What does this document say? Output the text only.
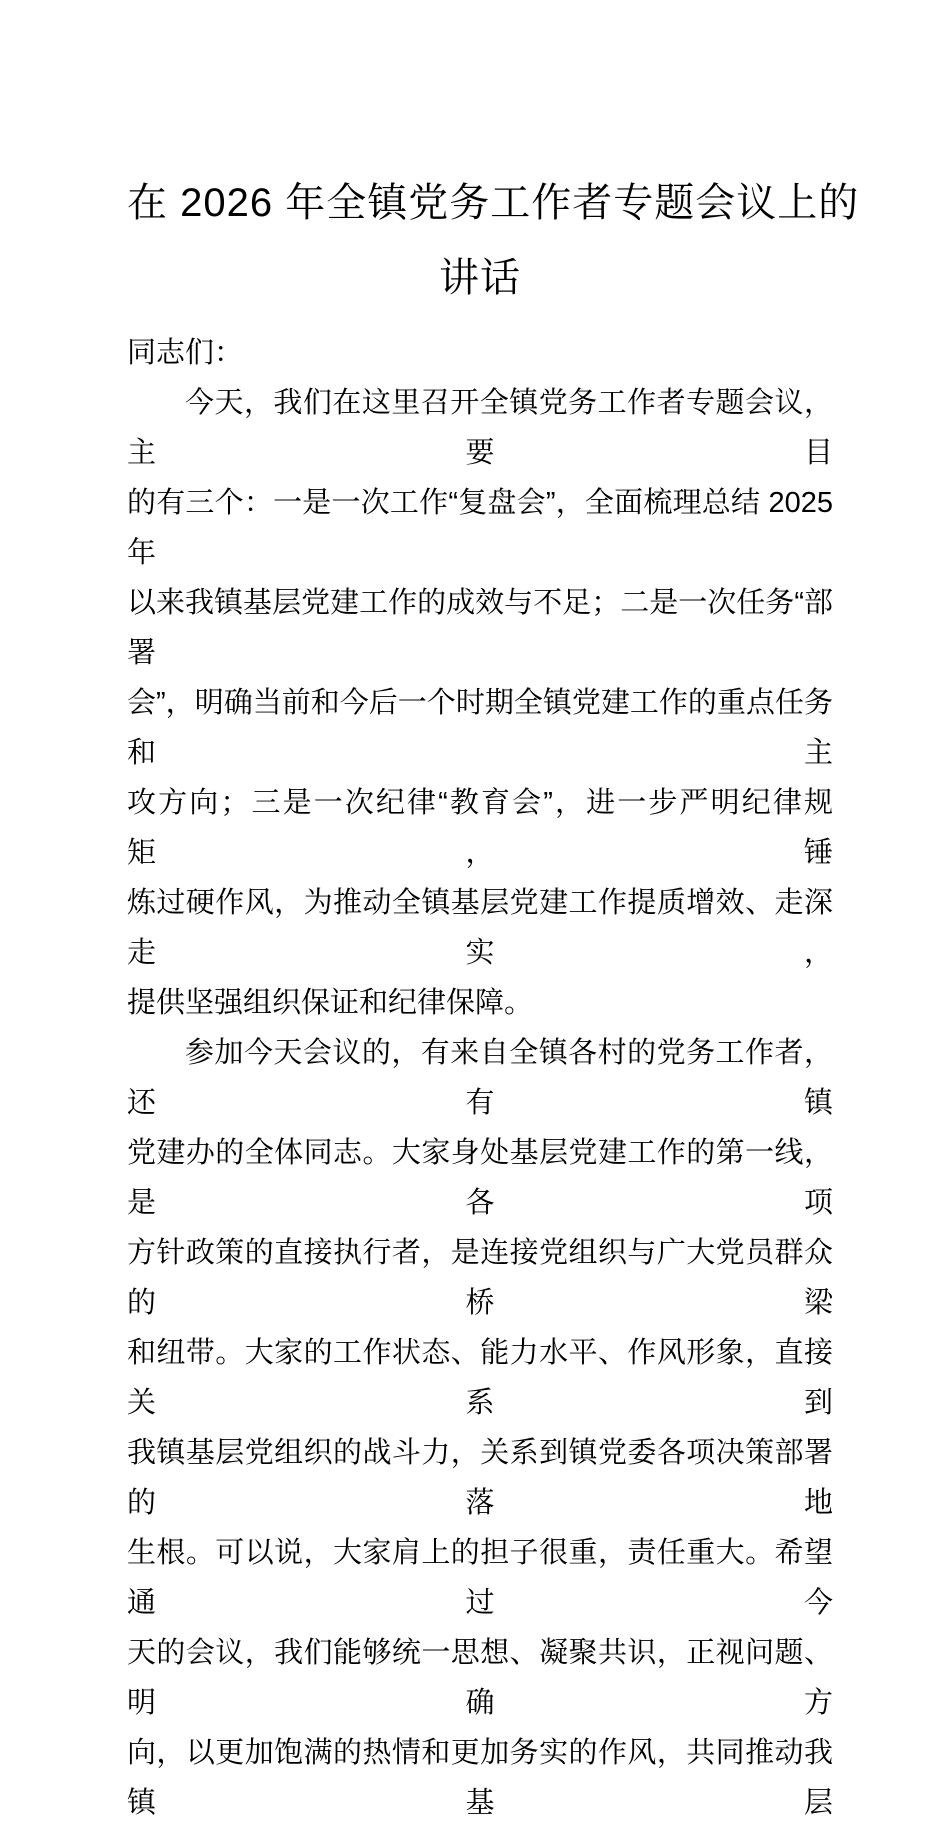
在 2026 年全镇党务工作者专题会议上的
讲话
同志们：
今天，我们在这里召开全镇党务工作者专题会议，主要目
的有三个：一是一次工作“复盘会”，全面梳理总结 2025 年
以来我镇基层党建工作的成效与不足；二是一次任务“部署
会”，明确当前和今后一个时期全镇党建工作的重点任务和主
攻方向；三是一次纪律“教育会”，进一步严明纪律规矩，锤
炼过硬作风，为推动全镇基层党建工作提质增效、走深走实，
提供坚强组织保证和纪律保障。
参加今天会议的，有来自全镇各村的党务工作者，还有镇
党建办的全体同志。大家身处基层党建工作的第一线，是各项
方针政策的直接执行者，是连接党组织与广大党员群众的桥梁
和纽带。大家的工作状态、能力水平、作风形象，直接关系到
我镇基层党组织的战斗力，关系到镇党委各项决策部署的落地
生根。可以说，大家肩上的担子很重，责任重大。希望通过今
天的会议，我们能够统一思想、凝聚共识，正视问题、明确方
向，以更加饱满的热情和更加务实的作风，共同推动我镇基层
